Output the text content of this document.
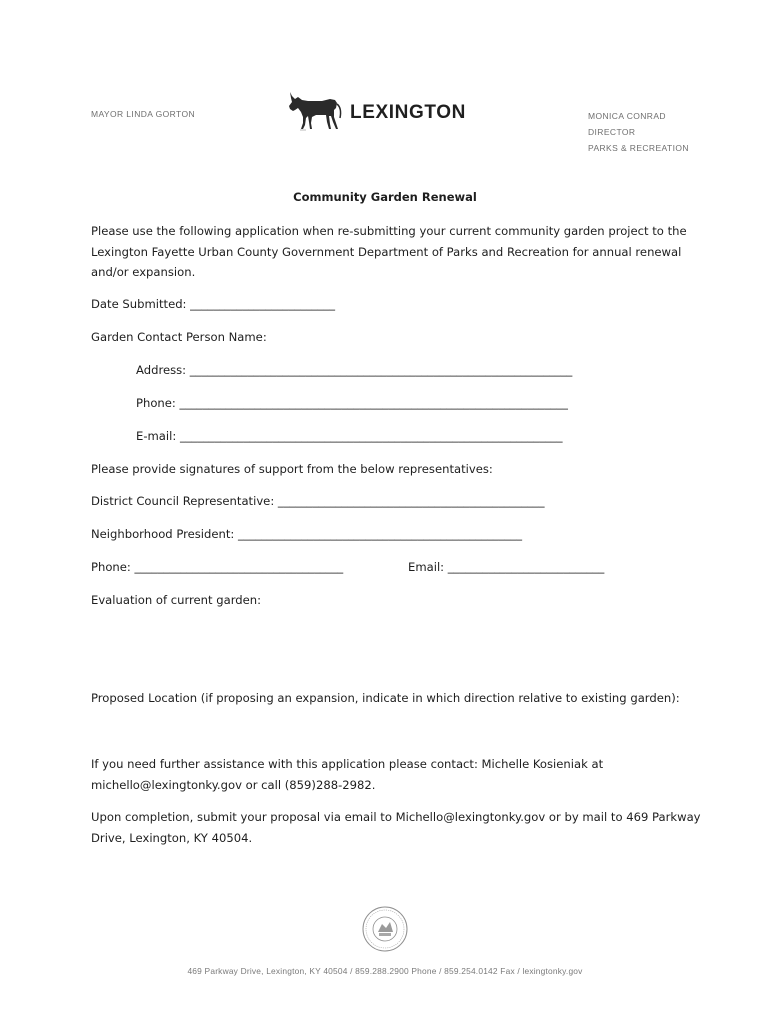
MAYOR LINDA GORTON	LEXINGTON	MONICA CONRAD
DIRECTOR
PARKS & RECREATION
Community Garden Renewal
Please use the following application when re-submitting your current community garden project to the
Lexington Fayette Urban County Government Department of Parks and Recreation for annual renewal
and/or expansion.
Date Submitted: _________________________
Garden Contact Person Name:
Address: __________________________________________________________________
Phone: ___________________________________________________________________
E-mail: __________________________________________________________________
Please provide signatures of support from the below representatives:
District Council Representative: ______________________________________________
Neighborhood President: _________________________________________________
Phone: ____________________________________	Email: ___________________________
Evaluation of current garden:
Proposed Location (if proposing an expansion, indicate in which direction relative to existing garden):
If you need further assistance with this application please contact: Michelle Kosieniak at
michello@lexingtonky.gov or call (859)288-2982.
Upon completion, submit your proposal via email to Michello@lexingtonky.gov or by mail to 469 Parkway
Drive, Lexington, KY 40504.
469 Parkway Drive, Lexington, KY 40504 / 859.288.2900 Phone / 859.254.0142 Fax / lexingtonky.gov
